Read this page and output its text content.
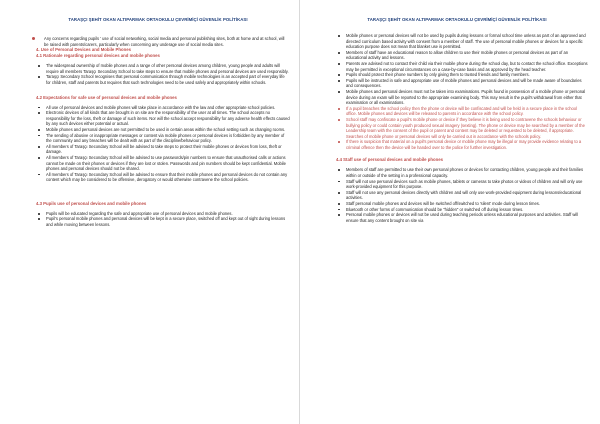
TARAŞÇI ŞEHİT OKAN ALTIPARMAK ORTAOKULU ÇEVRİMİÇİ GÜVENLİK POLİTİKASI
Any concerns regarding pupils ' use of social networking, social media and personal publishing sites, both at home and at school, will be raised with parents/carers, particularly when concerning any underage use of social media sites.
4. Use of Personal Devices and Mobile Phones
4.1 Rationale regarding personal devices and mobile phones
The widespread ownership of mobile phones and a range of other personal devices among children, young people and adults will require all members Taraşçı Secondary School to take steps to ensure that mobile phones and personal devices are used responsibly.
Taraşçı Secondary School recognises that personal communication through mobile technologies is an accepted part of everyday life for children, staff and parents but requires that such technologies need to be used safely and appropriately within schools.
4.2 Expectations for safe use of personal devices and mobile phones
All use of personal devices and mobile phones will take place in accordance with the law and other appropriate school policies.
Electronic devices of all kinds that are brought in on site are the responsibility of the user at all times. The school accepts no responsibility for the loss, theft or damage of such items. Nor will the school accept responsibility for any adverse health effects caused by any such devices either potential or actual.
Mobile phones and personal devices are not permitted to be used in certain areas within the school setting such as changing rooms.
The sending of abusive or inappropriate messages or content via mobile phones or personal devices is forbidden by any member of the community and any breaches will be dealt with as part of the discipline/behaviour policy.
All members of Taraşçı Secondary School will be advised to take steps to protect their mobile phones or devices from loss, theft or damage.
All members of Taraşçı Secondary School will be advised to use passwords/pin numbers to ensure that unauthorised calls or actions cannot be made on their phones or devices if they are lost or stolen. Passwords and pin numbers should be kept confidential. Mobile phones and personal devices should not be shared.
All members of Taraşçı Secondary School will be advised to ensure that their mobile phones and personal devices do not contain any content which may be considered to be offensive, derogatory or would otherwise contravene the school policies.
4.3 Pupils use of personal devices and mobile phones
Pupils will be educated regarding the safe and appropriate use of personal devices and mobile phones.
Pupil's personal mobile phones and personal devices will be kept in a secure place, switched off and kept out of sight during lessons and while moving between lessons.
TARAŞÇI ŞEHİT OKAN ALTIPARMAK ORTAOKULU ÇEVRİMİÇİ GÜVENLİK POLİTİKASI
Mobile phones or personal devices will not be used by pupils during lessons or formal school time unless as part of an approved and directed curriculum based activity with consent from a member of staff. The use of personal mobile phones or devices for a specific education purpose does not mean that blanket use is permitted.
Members of staff have an educational reason to allow children to use their mobile phones or personal devices as part of an educational activity and lessons.
Parents are advised not to contact their child via their mobile phone during the school day, but to contact the school office. Exceptions may be permitted in exceptional circumstances on a case-by-case basis and as approved by the head teacher.
Pupils should protect their phone numbers by only giving them to trusted friends and family members.
Pupils will be instructed in safe and appropriate use of mobile phones and personal devices and will be made aware of boundaries and consequences.
Mobile phones and personal devices must not be taken into examinations. Pupils found in possession of a mobile phone or personal device during an exam will be reported to the appropriate examining body. This may result in the pupil's withdrawal from either that examination or all examinations.
If a pupil breaches the school policy then the phone or device will be confiscated and will be held in a secure place in the school office. Mobile phones and devices will be released to parents in accordance with the school policy.
School staff may confiscate a pupil's mobile phone or device if they believe it is being used to contravene the schools behaviour or bullying policy or could contain youth produced sexual imagery (sexting). The phone or device may be searched by a member of the Leadership team with the consent of the pupil or parent and content may be deleted or requested to be deleted, if appropriate. Searches of mobile phone or personal devices will only be carried out in accordance with the schools policy.
If there is suspicion that material on a pupil's personal device or mobile phone may be illegal or may provide evidence relating to a criminal offence then the device will be handed over to the police for further investigation.
4.4 Staff use of personal devices and mobile phones
Members of staff are permitted to use their own personal phones or devices for contacting children, young people and their families within or outside of the setting in a professional capacity.
Staff will not use personal devices such as mobile phones, tablets or cameras to take photos or videos of children and will only use work-provided equipment for this purpose.
Staff will not use any personal devices directly with children and will only use work-provided equipment during lessons/educational activities.
Staff personal mobile phones and devices will be switched off/switched to 'silent' mode during lesson times.
Bluetooth or other forms of communication should be "hidden" or switched off during lesson times.
Personal mobile phones or devices will not be used during teaching periods unless educational purposes and activities. Staff will ensure that any content brought on site via
